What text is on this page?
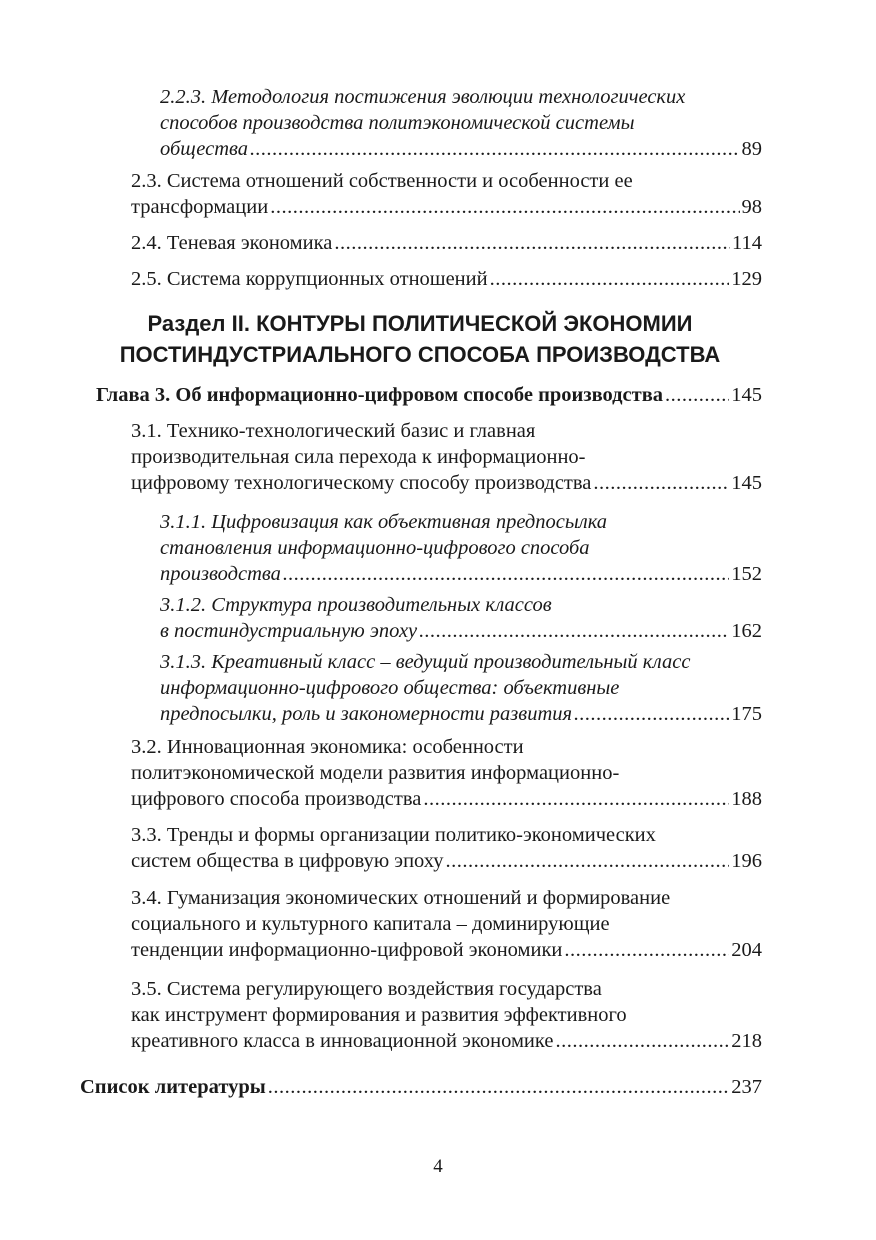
2.2.3. Методология постижения эволюции технологических
способов производства политэкономической системы
общества .....	89
2.3. Система отношений собственности и особенности ее
трансформации .....	98
2.4. Теневая экономика .....	114
2.5. Система коррупционных отношений .....	129
Раздел II. КОНТУРЫ ПОЛИТИЧЕСКОЙ ЭКОНОМИИ
ПОСТИНДУСТРИАЛЬНОГО СПОСОБА ПРОИЗВОДСТВА
Глава 3. Об информационно-цифровом способе производства .....	145
3.1. Технико-технологический базис и главная
производительная сила перехода к информационно-
цифровому технологическому способу производства .....	145
3.1.1. Цифровизация как объективная предпосылка
становления информационно-цифрового способа
производства .....	152
3.1.2. Структура производительных классов
в постиндустриальную эпоху .....	162
3.1.3. Креативный класс – ведущий производительный класс
информационно-цифрового общества: объективные
предпосылки, роль и закономерности развития .....	175
3.2. Инновационная экономика: особенности
политэкономической модели развития информационно-
цифрового способа производства .....	188
3.3. Тренды и формы организации политико-экономических
систем общества в цифровую эпоху .....	196
3.4. Гуманизация экономических отношений и формирование
социального и культурного капитала – доминирующие
тенденции информационно-цифровой экономики .....	204
3.5. Система регулирующего воздействия государства
как инструмент формирования и развития эффективного
креативного класса в инновационной экономике .....	218
Список литературы .....	237
4
